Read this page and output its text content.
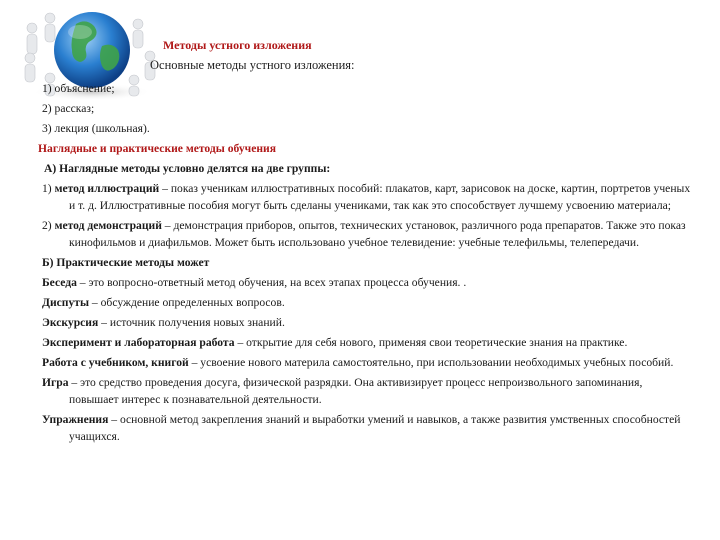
Методы устного изложения
Основные методы устного изложения:
1) объяснение;
2) рассказ;
3) лекция (школьная).
Наглядные и практические методы обучения
А) Наглядные методы условно делятся на две группы:
1) метод иллюстраций – показ ученикам иллюстративных пособий: плакатов, карт, зарисовок на доске, картин, портретов ученых и т. д. Иллюстративные пособия могут быть сделаны учениками, так как это способствует лучшему усвоению материала;
2) метод демонстраций – демонстрация приборов, опытов, технических установок, различного рода препаратов. Также это показ кинофильмов и диафильмов. Может быть использовано учебное телевидение: учебные телефильмы, телепередачи.
Б) Практические методы может
Беседа – это вопросно-ответный метод обучения, на всех этапах процесса обучения. .
Диспуты – обсуждение определенных вопросов.
Экскурсия – источник получения новых знаний.
Эксперимент и лабораторная работа – открытие для себя нового, применяя свои теоретические знания на практике.
Работа с учебником, книгой – усвоение нового материла самостоятельно, при использовании необходимых учебных пособий.
Игра – это средство проведения досуга, физической разрядки. Она активизирует процесс непроизвольного запоминания, повышает интерес к познавательной деятельности.
Упражнения – основной метод закрепления знаний и выработки умений и навыков, а также развития умственных способностей учащихся.
